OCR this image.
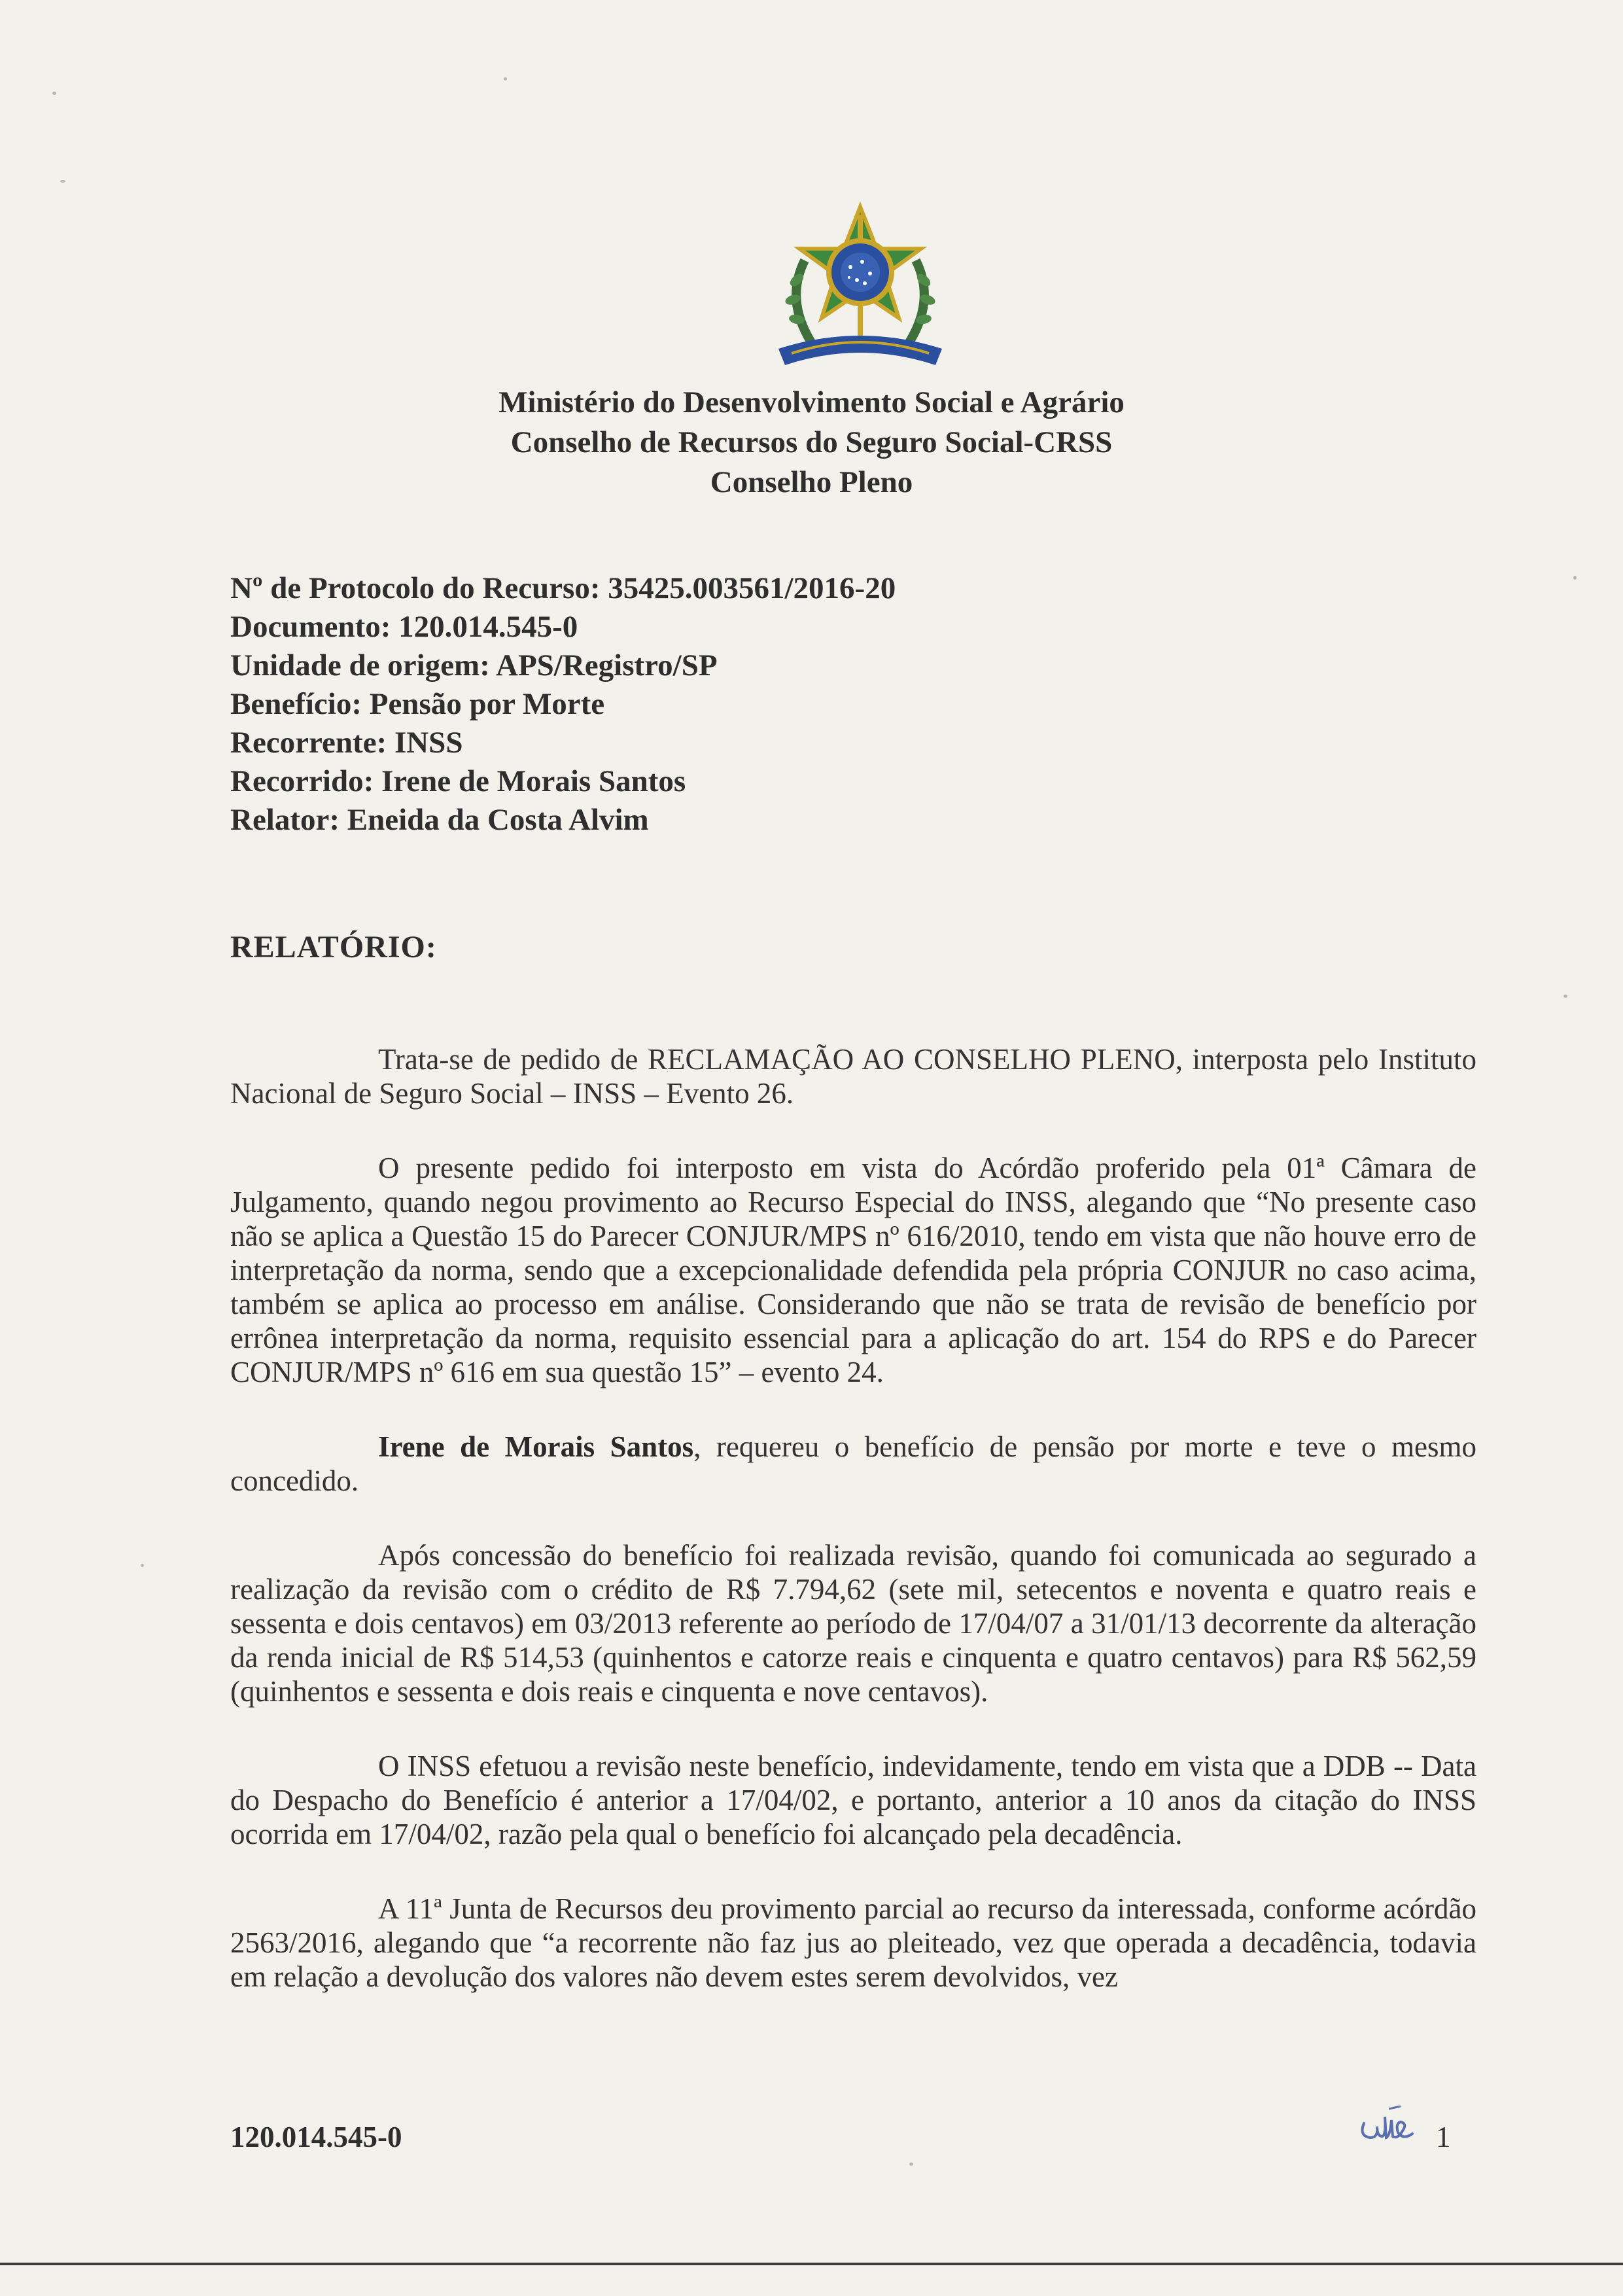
Ministério do Desenvolvimento Social e Agrário
Conselho de Recursos do Seguro Social-CRSS
Conselho Pleno
Nº de Protocolo do Recurso: 35425.003561/2016-20
Documento: 120.014.545-0
Unidade de origem: APS/Registro/SP
Benefício: Pensão por Morte
Recorrente: INSS
Recorrido: Irene de Morais Santos
Relator: Eneida da Costa Alvim
RELATÓRIO:

Trata-se de pedido de RECLAMAÇÃO AO CONSELHO PLENO, interposta pelo Instituto Nacional de Seguro Social – INSS – Evento 26.

O presente pedido foi interposto em vista do Acórdão proferido pela 01ª Câmara de Julgamento, quando negou provimento ao Recurso Especial do INSS, alegando que “No presente caso não se aplica a Questão 15 do Parecer CONJUR/MPS nº 616/2010, tendo em vista que não houve erro de interpretação da norma, sendo que a excepcionalidade defendida pela própria CONJUR no caso acima, também se aplica ao processo em análise. Considerando que não se trata de revisão de benefício por errônea interpretação da norma, requisito essencial para a aplicação do art. 154 do RPS e do Parecer CONJUR/MPS nº 616 em sua questão 15” – evento 24.

Irene de Morais Santos, requereu o benefício de pensão por morte e teve o mesmo concedido.

Após concessão do benefício foi realizada revisão, quando foi comunicada ao segurado a realização da revisão com o crédito de R$ 7.794,62 (sete mil, setecentos e noventa e quatro reais e sessenta e dois centavos) em 03/2013 referente ao período de 17/04/07 a 31/01/13 decorrente da alteração da renda inicial de R$ 514,53 (quinhentos e catorze reais e cinquenta e quatro centavos) para R$ 562,59 (quinhentos e sessenta e dois reais e cinquenta e nove centavos).

O INSS efetuou a revisão neste benefício, indevidamente, tendo em vista que a DDB -- Data do Despacho do Benefício é anterior a 17/04/02, e portanto, anterior a 10 anos da citação do INSS ocorrida em 17/04/02, razão pela qual o benefício foi alcançado pela decadência.

A 11ª Junta de Recursos deu provimento parcial ao recurso da interessada, conforme acórdão 2563/2016, alegando que “a recorrente não faz jus ao pleiteado, vez que operada a decadência, todavia em relação a devolução dos valores não devem estes serem devolvidos, vez

120.014.545-0	1
